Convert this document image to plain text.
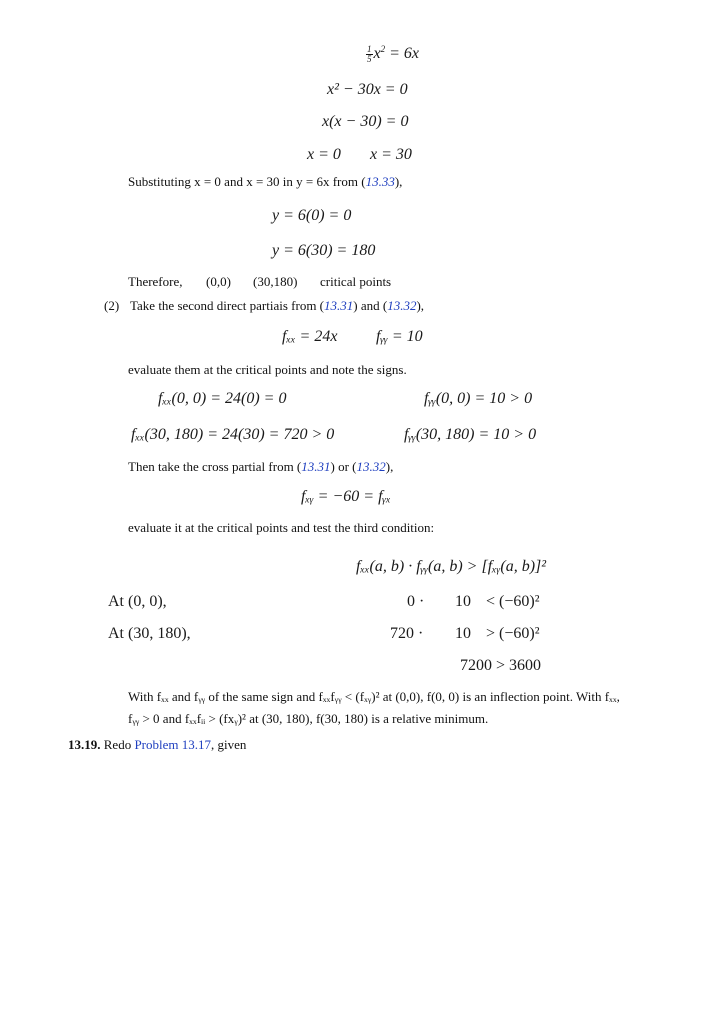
$\frac{1}{5} x^2 = 6x$
x² − 30x = 0
x(x − 30) = 0
x = 0 x = 30
Substituting x = 0 and x = 30 in y = 6x from (13.33),
y = 6(0) = 0
y = 6(30) = 180
Therefore, (0,0) (30,180) critical points
(2) Take the second direct partiais from (13.31) and (13.32),
fₓₓ = 24x fᵧᵧ = 10
evaluate them at the critical points and note the signs.
fₓₓ(0, 0) = 24(0) = 0	fᵧᵧ(0, 0) = 10 > 0
fₓₓ(30, 180) = 24(30) = 720 > 0	fᵧᵧ(30, 180) = 10 > 0
Then take the cross partial from (13.31) or (13.32),
fₓᵧ = −60 = fᵧₓ
evaluate it at the critical points and test the third condition:
fₓₓ(a, b) · fᵧᵧ(a, b) > [fₓᵧ(a, b)]²
At (0, 0),	0 · 10 < (−60)²
At (30, 180),	720 · 10 > (−60)²
7200 > 3600
With fₓₓ and fᵧᵧ of the same sign and fₓₓfᵧᵧ < (fₓᵧ)² at (0,0), f(0, 0) is an inflection point. With fₓₓ,
fᵧᵧ > 0 and fₓₓfᵢᵢ > (fxᵧ)² at (30, 180), f(30, 180) is a relative minimum.
13.19. Redo Problem 13.17, given
